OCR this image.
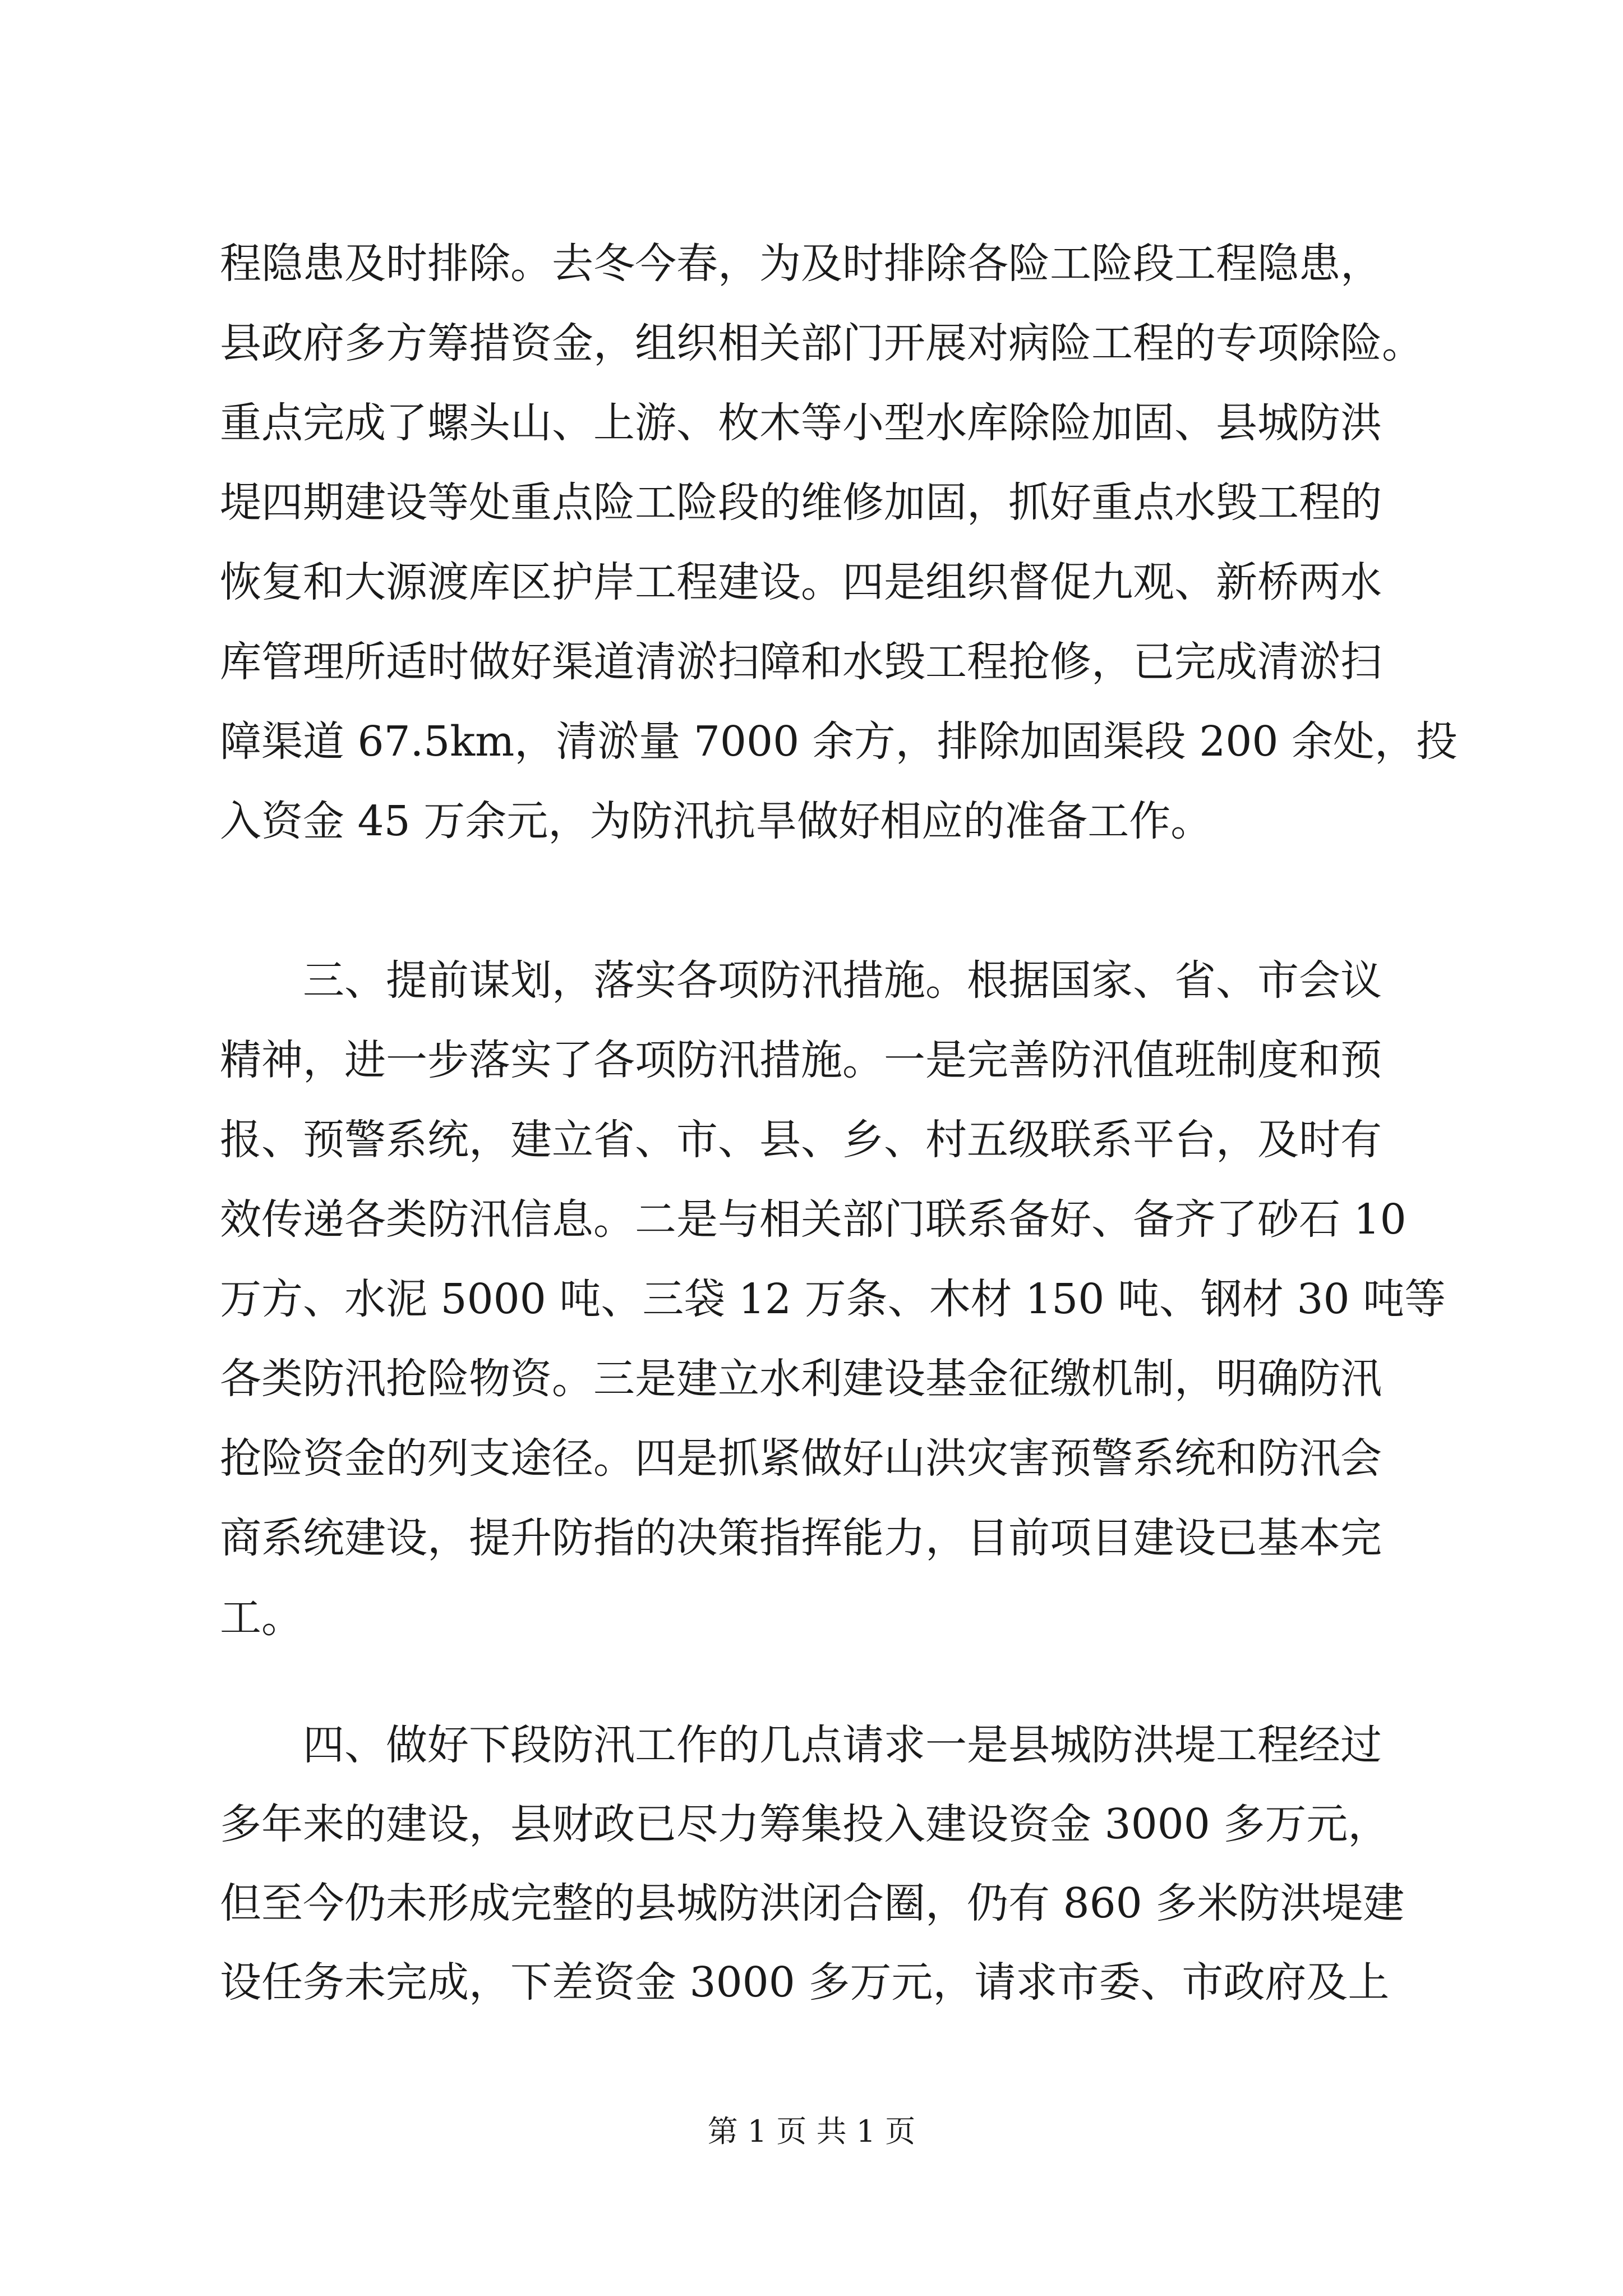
程隐患及时排除。去冬今春，为及时排除各险工险段工程隐患，
县政府多方筹措资金，组织相关部门开展对病险工程的专项除险。
重点完成了螺头山、上游、枚木等小型水库除险加固、县城防洪
堤四期建设等处重点险工险段的维修加固，抓好重点水毁工程的
恢复和大源渡库区护岸工程建设。四是组织督促九观、新桥两水
库管理所适时做好渠道清淤扫障和水毁工程抢修，已完成清淤扫
障渠道 67.5km，清淤量 7000 余方，排除加固渠段 200 余处，投
入资金 45 万余元，为防汛抗旱做好相应的准备工作。
三、提前谋划，落实各项防汛措施。根据国家、省、市会议
精神，进一步落实了各项防汛措施。一是完善防汛值班制度和预
报、预警系统，建立省、市、县、乡、村五级联系平台，及时有
效传递各类防汛信息。二是与相关部门联系备好、备齐了砂石 10
万方、水泥 5000 吨、三袋 12 万条、木材 150 吨、钢材 30 吨等
各类防汛抢险物资。三是建立水利建设基金征缴机制，明确防汛
抢险资金的列支途径。四是抓紧做好山洪灾害预警系统和防汛会
商系统建设，提升防指的决策指挥能力，目前项目建设已基本完
工。
四、做好下段防汛工作的几点请求一是县城防洪堤工程经过
多年来的建设，县财政已尽力筹集投入建设资金 3000 多万元，
但至今仍未形成完整的县城防洪闭合圈，仍有 860 多米防洪堤建
设任务未完成，下差资金 3000 多万元，请求市委、市政府及上
第 1 页 共 1 页
